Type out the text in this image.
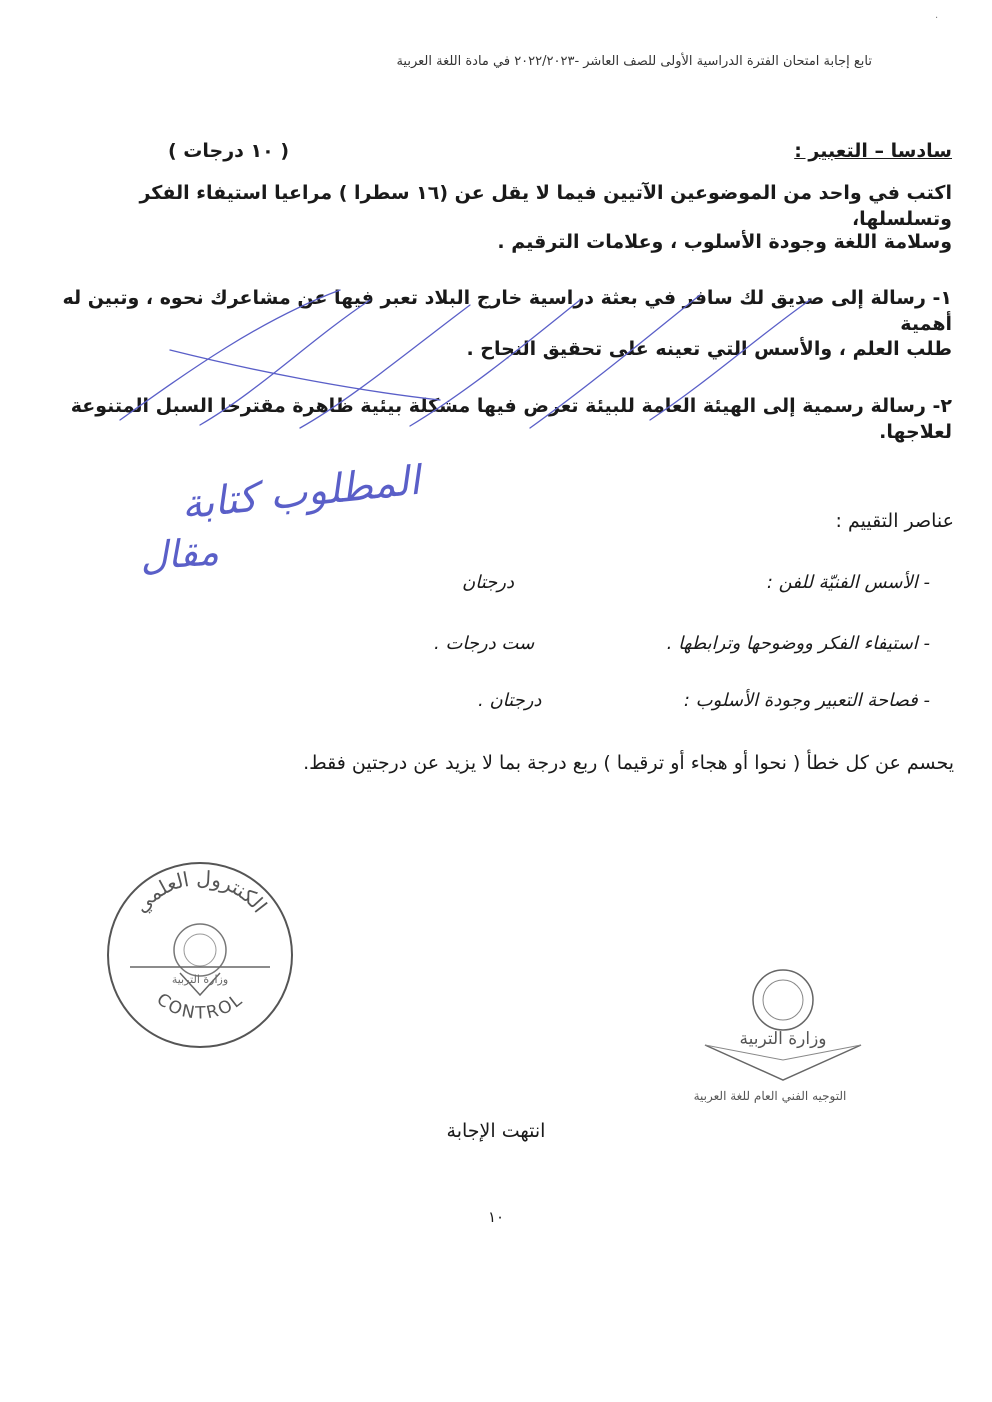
.
تابع إجابة امتحان الفترة الدراسية الأولى للصف العاشر -٢٠٢٢/٢٠٢٣ في مادة اللغة العربية
سادسا – التعبير :
( ١٠ درجات )
اكتب في واحد من الموضوعين الآتيين فيما لا يقل عن (١٦ سطرا ) مراعيا استيفاء الفكر وتسلسلها،
وسلامة اللغة وجودة الأسلوب ، وعلامات الترقيم .
١- رسالة إلى صديق لك سافر في بعثة دراسية خارج البلاد تعبر فيها عن مشاعرك نحوه ، وتبين له أهمية
طلب العلم ، والأسس التي تعينه على تحقيق النجاح .
٢- رسالة رسمية إلى الهيئة العامة للبيئة تعرض فيها مشكلة بيئية ظاهرة مقترحا السبل المتنوعة لعلاجها.
المطلوب كتابة
مقال
عناصر التقييم :
- الأسس الفنيّة للفن :
درجتان
- استيفاء الفكر ووضوحها وترابطها .
ست درجات .
- فصاحة التعبير وجودة الأسلوب :
درجتان .
يحسم عن كل خطأ ( نحوا أو هجاء أو ترقيما ) ربع درجة بما لا يزيد عن درجتين فقط.
الكنترول العلمي
وزارة التربية
CONTROL
وزارة التربية
التوجيه الفني العام للغة العربية
انتهت الإجابة
١٠
